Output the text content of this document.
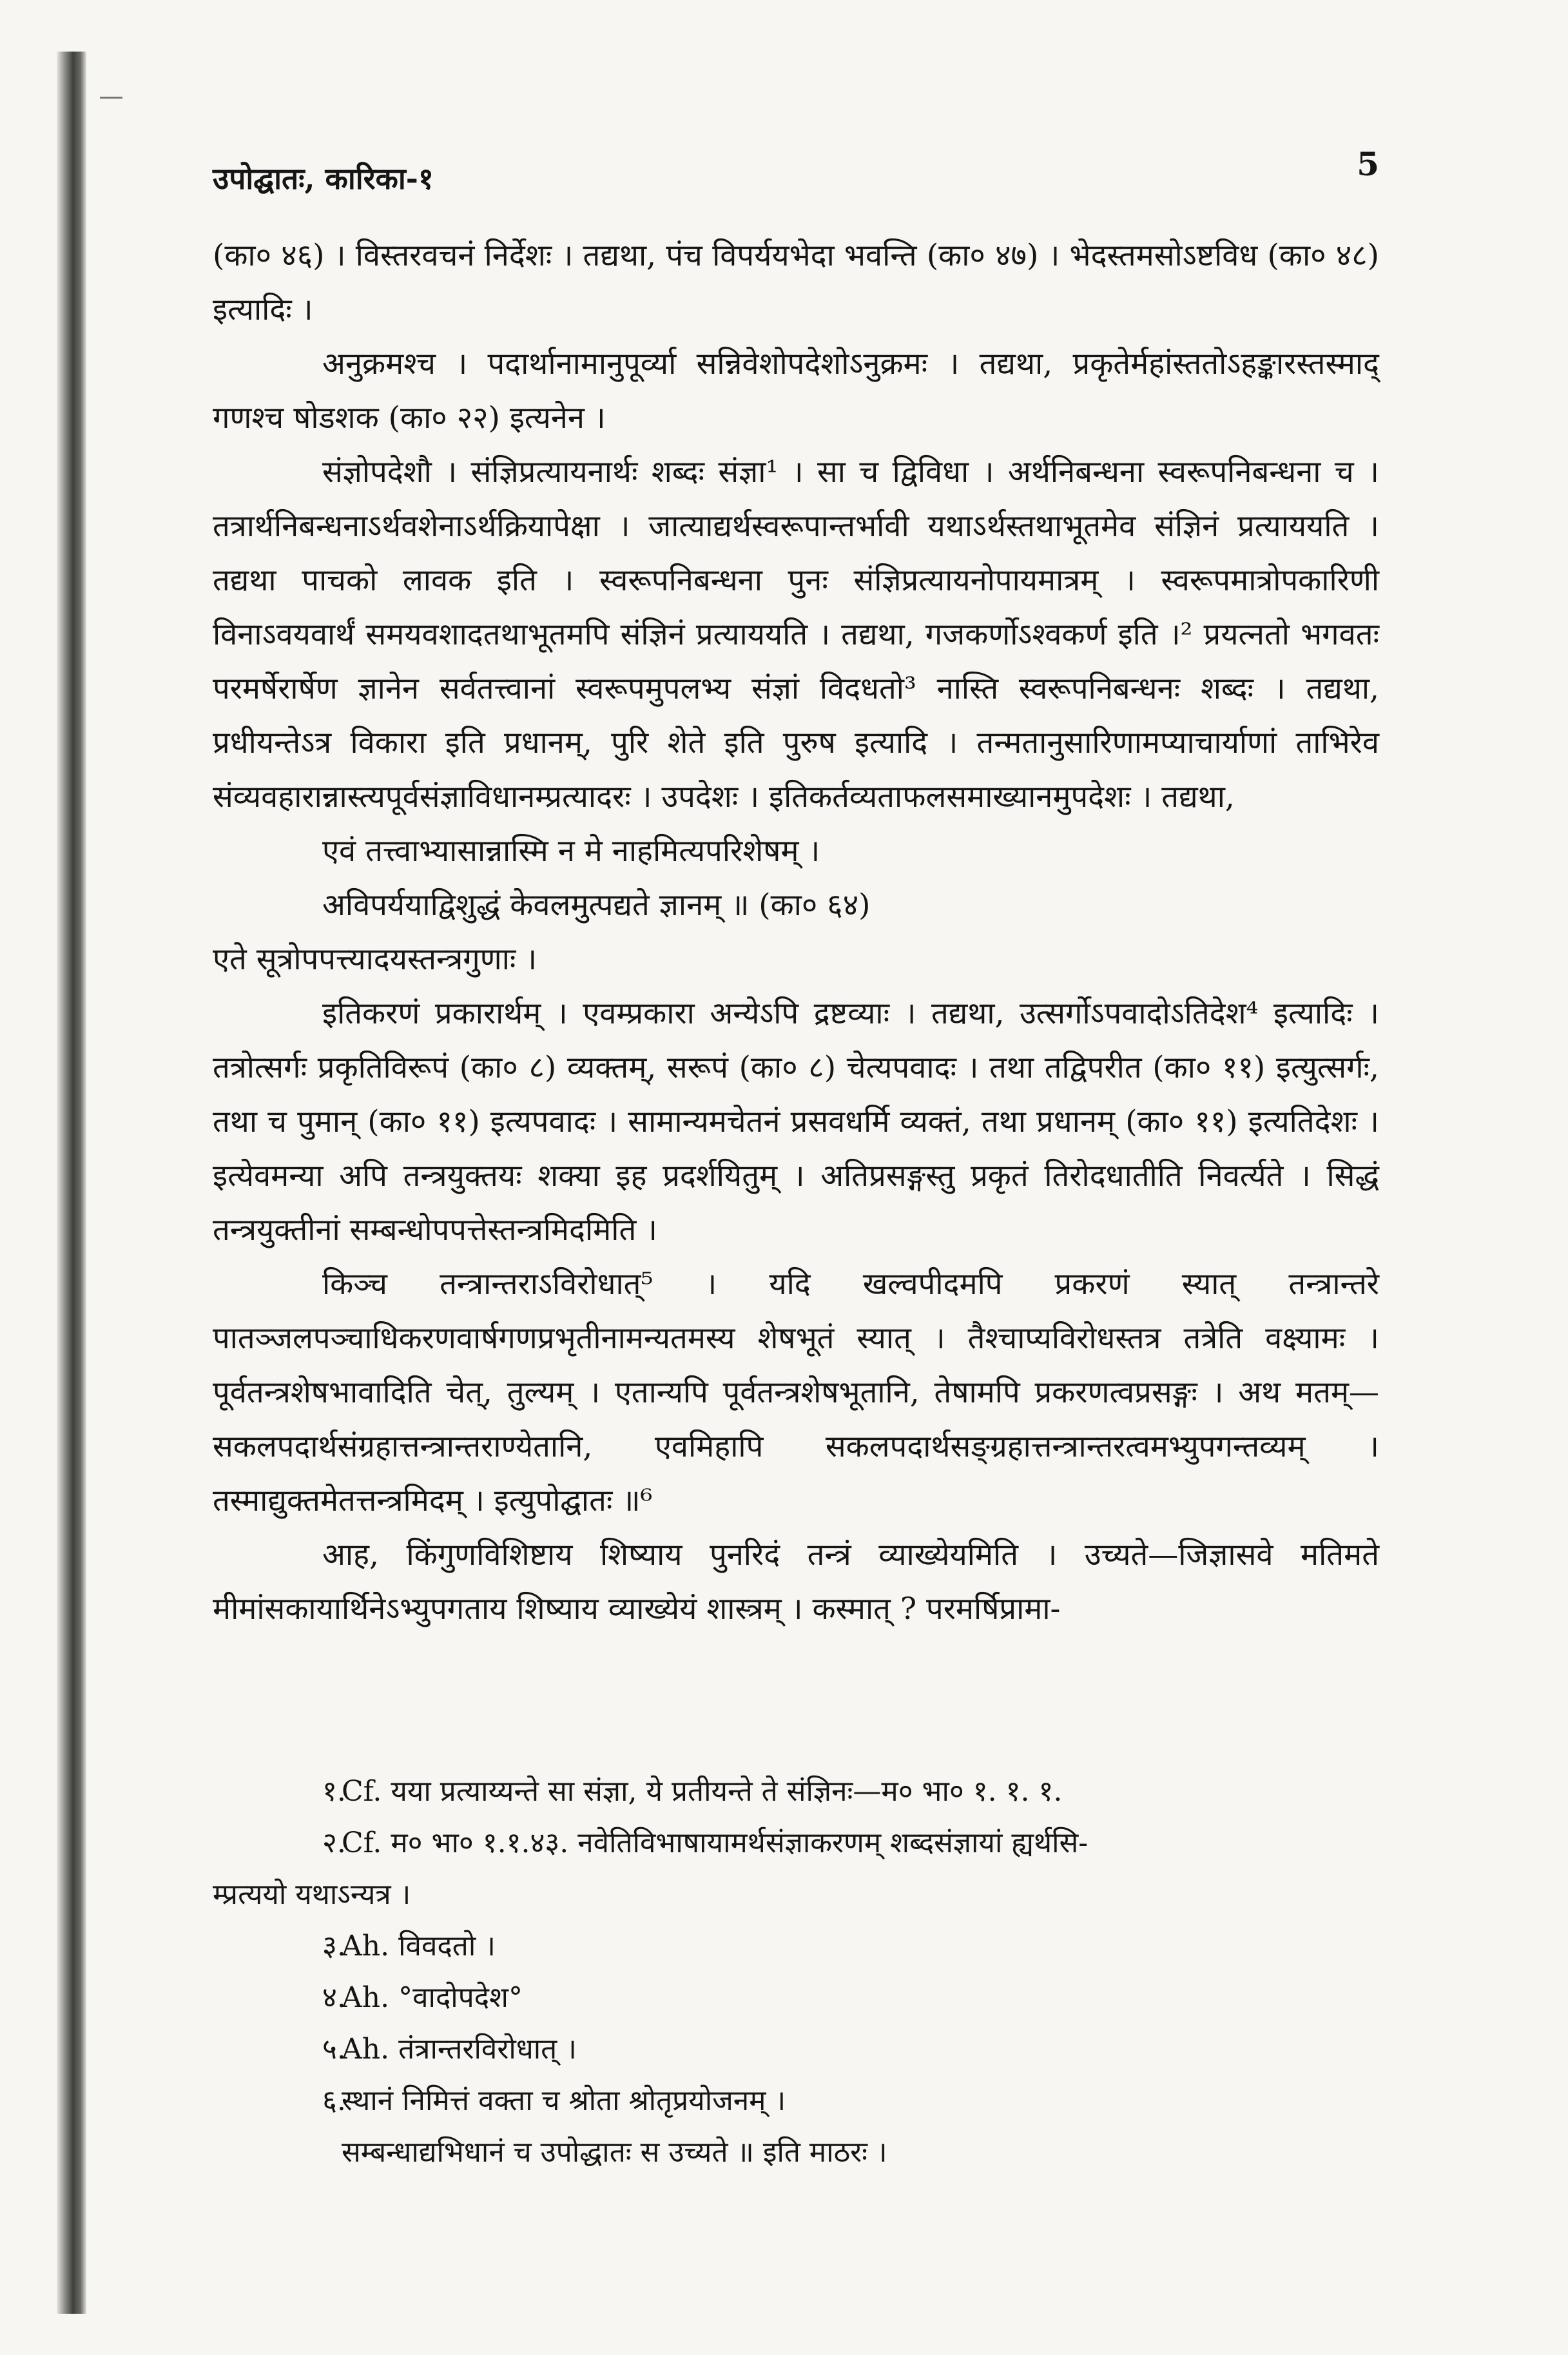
उपोद्घातः, कारिका-१	5

(का० ४६) । विस्तरवचनं निर्देशः । तद्यथा, पंच विपर्ययभेदा भवन्ति (का० ४७) । भेदस्तमसोऽष्टविध (का० ४८) इत्यादिः ।

अनुक्रमश्च । पदार्थानामानुपूर्व्या सन्निवेशोपदेशोऽनुक्रमः । तद्यथा, प्रकृतेर्महांस्ततोऽहङ्कारस्तस्माद् गणश्च षोडशक (का० २२) इत्यनेन ।

संज्ञोपदेशौ । संज्ञिप्रत्यायनार्थः शब्दः संज्ञा¹ । सा च द्विविधा । अर्थनिबन्धना स्वरूपनिबन्धना च । तत्रार्थनिबन्धनाऽर्थवशेनाऽर्थक्रियापेक्षा । जात्याद्यर्थस्वरूपान्तर्भावी यथाऽर्थस्तथाभूतमेव संज्ञिनं प्रत्याययति । तद्यथा पाचको लावक इति । स्वरूपनिबन्धना पुनः संज्ञिप्रत्यायनोपायमात्रम् । स्वरूपमात्रोपकारिणी विनाऽवयवार्थं समयवशादतथाभूतमपि संज्ञिनं प्रत्याययति । तद्यथा, गजकर्णोऽश्वकर्ण इति ।² प्रयत्नतो भगवतः परमर्षेरार्षेण ज्ञानेन सर्वतत्त्वानां स्वरूपमुपलभ्य संज्ञां विदधतो³ नास्ति स्वरूपनिबन्धनः शब्दः । तद्यथा, प्रधीयन्तेऽत्र विकारा इति प्रधानम्, पुरि शेते इति पुरुष इत्यादि । तन्मतानुसारिणामप्याचार्याणां ताभिरेव संव्यवहारान्नास्त्यपूर्वसंज्ञाविधानम्प्रत्यादरः । उपदेशः । इतिकर्तव्यताफलसमाख्यानमुपदेशः । तद्यथा,

एवं तत्त्वाभ्यासान्नास्मि न मे नाहमित्यपरिशेषम् ।

अविपर्ययाद्विशुद्धं केवलमुत्पद्यते ज्ञानम् ॥ (का० ६४)

एते सूत्रोपपत्त्यादयस्तन्त्रगुणाः ।

इतिकरणं प्रकारार्थम् । एवम्प्रकारा अन्येऽपि द्रष्टव्याः । तद्यथा, उत्सर्गोऽपवादोऽतिदेश⁴ इत्यादिः । तत्रोत्सर्गः प्रकृतिविरूपं (का० ८) व्यक्तम्, सरूपं (का० ८) चेत्यपवादः । तथा तद्विपरीत (का० ११) इत्युत्सर्गः, तथा च पुमान् (का० ११) इत्यपवादः । सामान्यमचेतनं प्रसवधर्मि व्यक्तं, तथा प्रधानम् (का० ११) इत्यतिदेशः । इत्येवमन्या अपि तन्त्रयुक्तयः शक्या इह प्रदर्शयितुम् । अतिप्रसङ्गस्तु प्रकृतं तिरोदधातीति निवर्त्यते । सिद्धं तन्त्रयुक्तीनां सम्बन्धोपपत्तेस्तन्त्रमिदमिति ।

किञ्च तन्त्रान्तराऽविरोधात्⁵ । यदि खल्वपीदमपि प्रकरणं स्यात् तन्त्रान्तरे पातञ्जलपञ्चाधिकरणवार्षगणप्रभृतीनामन्यतमस्य शेषभूतं स्यात् । तैश्चाप्यविरोधस्तत्र तत्रेति वक्ष्यामः । पूर्वतन्त्रशेषभावादिति चेत्, तुल्यम् । एतान्यपि पूर्वतन्त्रशेषभूतानि, तेषामपि प्रकरणत्वप्रसङ्गः । अथ मतम्—सकलपदार्थसंग्रहात्तन्त्रान्तराण्येतानि, एवमिहापि सकलपदार्थसङ्ग्रहात्तन्त्रान्तरत्वमभ्युपगन्तव्यम् । तस्माद्युक्तमेतत्तन्त्रमिदम् । इत्युपोद्घातः ॥⁶

आह, किंगुणविशिष्टाय शिष्याय पुनरिदं तन्त्रं व्याख्येयमिति । उच्यते—जिज्ञासवे मतिमते मीमांसकायार्थिनेऽभ्युपगताय शिष्याय व्याख्येयं शास्त्रम् । कस्मात् ? परमर्षिप्रामा-

१.
Cf. यया प्रत्याय्यन्ते सा संज्ञा, ये प्रतीयन्ते ते संज्ञिनः—म० भा० १. १. १.
२.
Cf. म० भा० १.१.४३. नवेतिविभाषायामर्थसंज्ञाकरणम् शब्दसंज्ञायां ह्यर्थसि-
म्प्रत्ययो यथाऽन्यत्र ।
३.
Ah. विवदतो ।
४.
Ah. °वादोपदेश°
५.
Ah. तंत्रान्तरविरोधात् ।
६.
स्थानं निमित्तं वक्ता च श्रोता श्रोतृप्रयोजनम् ।
सम्बन्धाद्यभिधानं च उपोद्धातः स उच्यते ॥ इति माठरः ।
